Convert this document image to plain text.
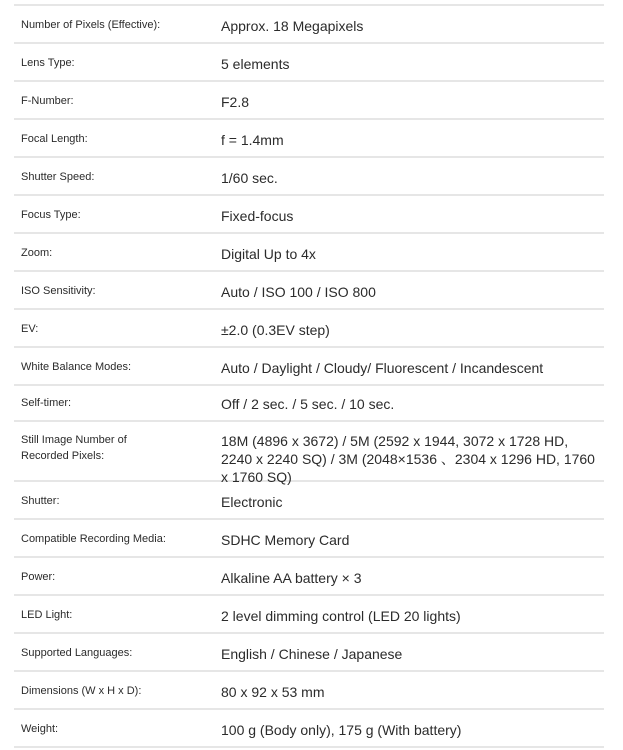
Number of Pixels (Effective):	Approx. 18 Megapixels
Lens Type:	5 elements
F-Number:	F2.8
Focal Length:	f = 1.4mm
Shutter Speed:	1/60 sec.
Focus Type:	Fixed-focus
Zoom:	Digital Up to 4x
ISO Sensitivity:	Auto / ISO 100 / ISO 800
EV:	±2.0 (0.3EV step)
White Balance Modes:	Auto / Daylight / Cloudy/ Fluorescent / Incandescent
Self-timer:	Off / 2 sec. / 5 sec. / 10 sec.
Still Image Number of Recorded Pixels:
18M (4896 x 3672) / 5M (2592 x 1944, 3072 x 1728 HD, 2240 x 2240 SQ) / 3M (2048×1536 、2304 x 1296 HD, 1760 x 1760 SQ)
Shutter:	Electronic
Compatible Recording Media:	SDHC Memory Card
Power:	Alkaline AA battery × 3
LED Light:	2 level dimming control (LED 20 lights)
Supported Languages:	English / Chinese / Japanese
Dimensions (W x H x D):	80 x 92 x 53 mm
Weight:	100 g (Body only), 175 g (With battery)
